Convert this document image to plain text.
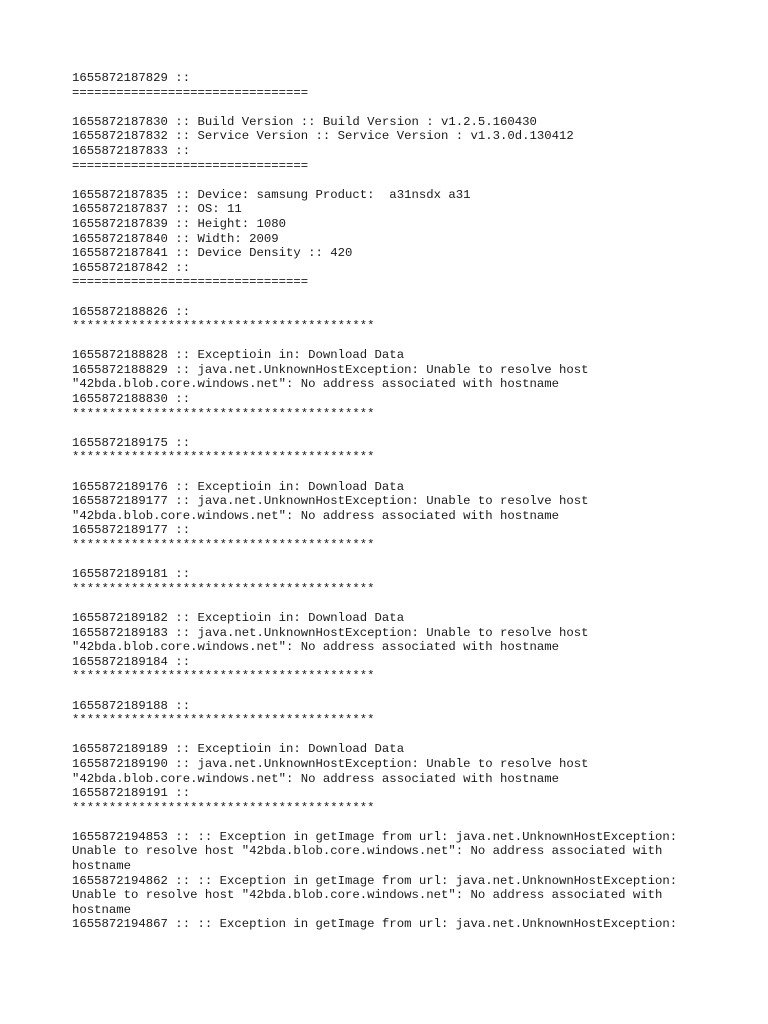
1655872187829 ::
================================
1655872187830 :: Build Version :: Build Version : v1.2.5.160430
1655872187832 :: Service Version :: Service Version : v1.3.0d.130412
1655872187833 ::
================================
1655872187835 :: Device: samsung Product:  a31nsdx a31
1655872187837 :: OS: 11
1655872187839 :: Height: 1080
1655872187840 :: Width: 2009
1655872187841 :: Device Density :: 420
1655872187842 ::
================================
1655872188826 ::
*****************************************
1655872188828 :: Exceptioin in: Download Data
1655872188829 :: java.net.UnknownHostException: Unable to resolve host
"42bda.blob.core.windows.net": No address associated with hostname
1655872188830 ::
*****************************************
1655872189175 ::
*****************************************
1655872189176 :: Exceptioin in: Download Data
1655872189177 :: java.net.UnknownHostException: Unable to resolve host
"42bda.blob.core.windows.net": No address associated with hostname
1655872189177 ::
*****************************************
1655872189181 ::
*****************************************
1655872189182 :: Exceptioin in: Download Data
1655872189183 :: java.net.UnknownHostException: Unable to resolve host
"42bda.blob.core.windows.net": No address associated with hostname
1655872189184 ::
*****************************************
1655872189188 ::
*****************************************
1655872189189 :: Exceptioin in: Download Data
1655872189190 :: java.net.UnknownHostException: Unable to resolve host
"42bda.blob.core.windows.net": No address associated with hostname
1655872189191 ::
*****************************************
1655872194853 :: :: Exception in getImage from url: java.net.UnknownHostException:
Unable to resolve host "42bda.blob.core.windows.net": No address associated with
hostname
1655872194862 :: :: Exception in getImage from url: java.net.UnknownHostException:
Unable to resolve host "42bda.blob.core.windows.net": No address associated with
hostname
1655872194867 :: :: Exception in getImage from url: java.net.UnknownHostException:
